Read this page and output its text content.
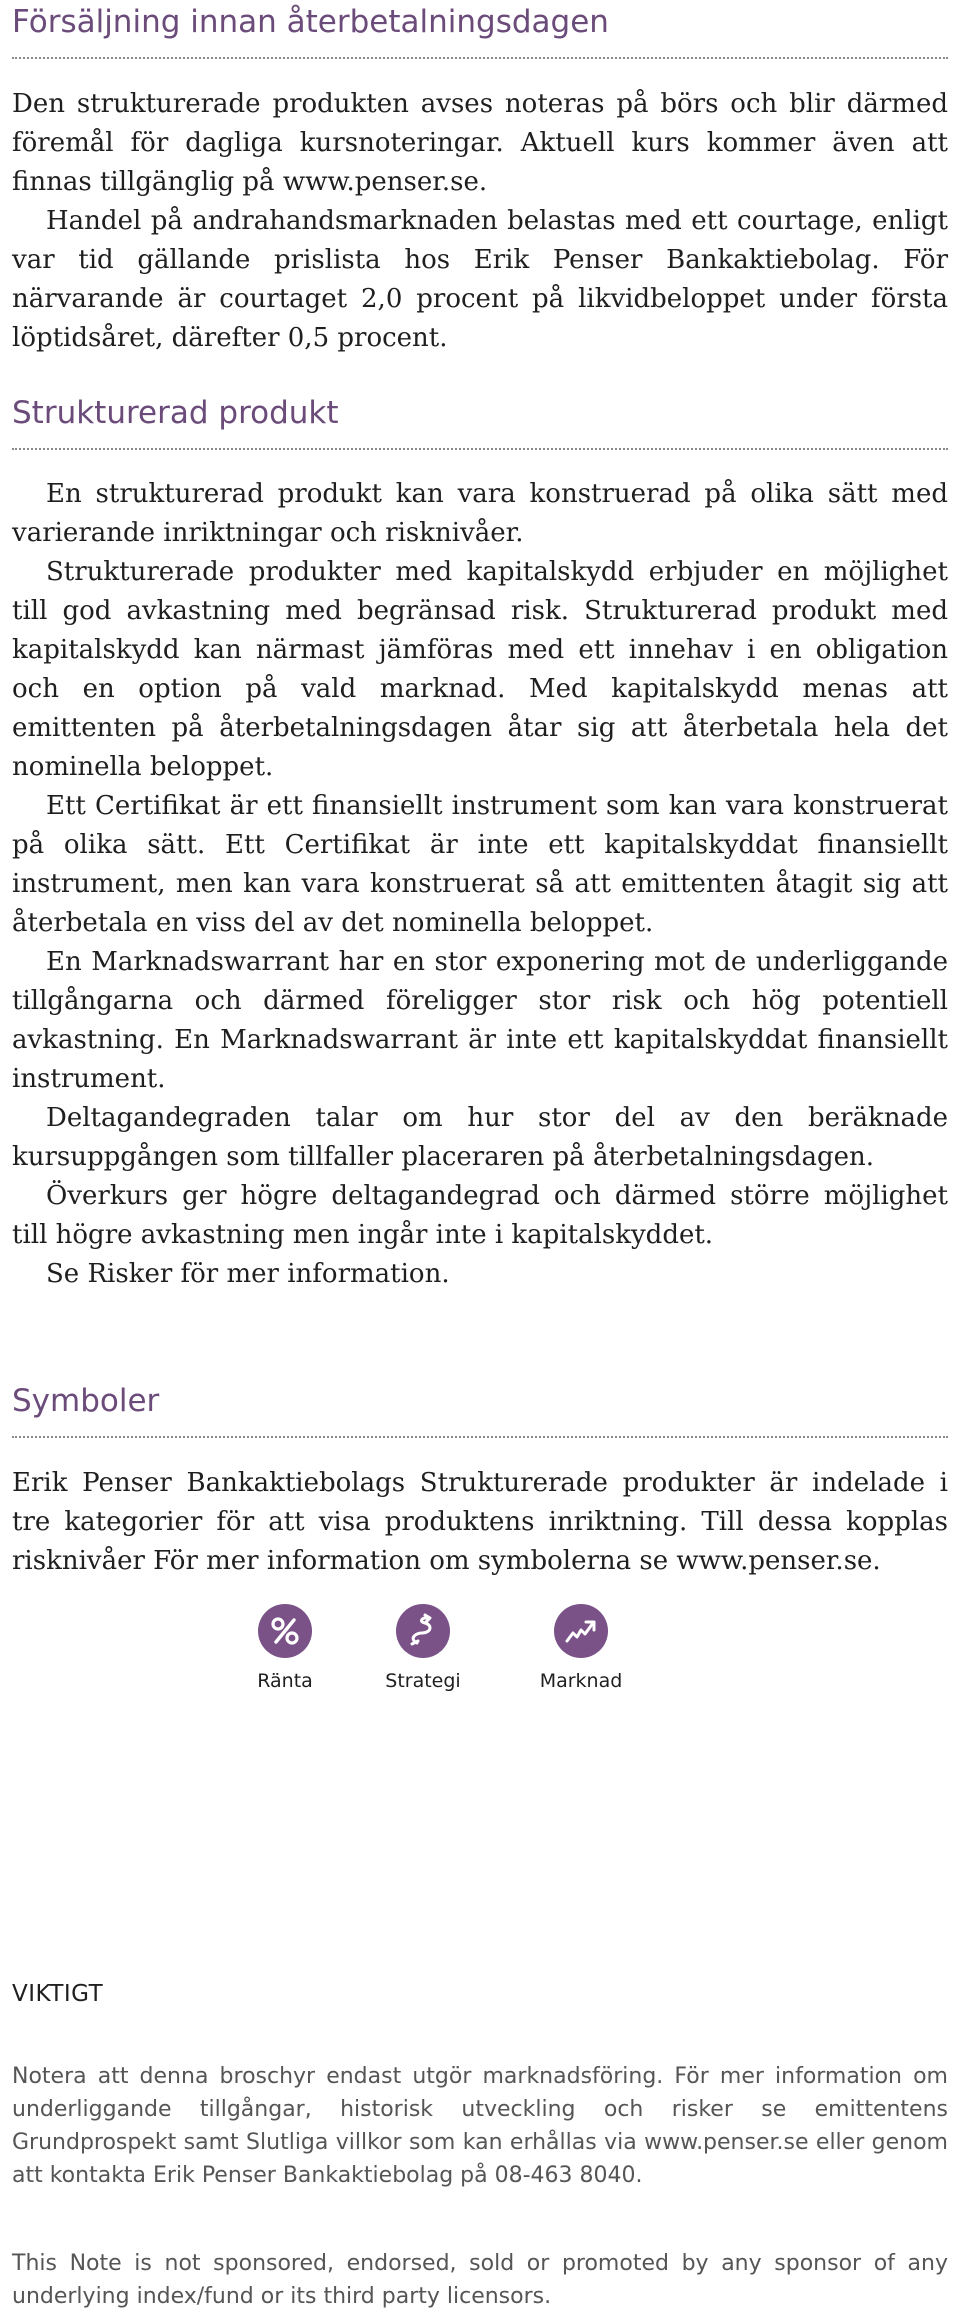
Försäljning innan återbetalningsdagen

Den strukturerade produkten avses noteras på börs och blir därmed föremål för dagliga kursnoteringar. Aktuell kurs kommer även att finnas tillgänglig på www.penser.se.

Handel på andrahandsmarknaden belastas med ett courtage, enligt var tid gällande prislista hos Erik Penser Bankaktiebolag. För närvarande är courtaget 2,0 procent på likvidbeloppet under första löptidsåret, därefter 0,5 procent.

Strukturerad produkt

En strukturerad produkt kan vara konstruerad på olika sätt med varierande inriktningar och risknivåer.

Strukturerade produkter med kapitalskydd erbjuder en möjlighet till god avkastning med begränsad risk. Strukturerad produkt med kapitalskydd kan närmast jämföras med ett innehav i en obligation och en option på vald marknad. Med kapitalskydd menas att emittenten på återbetalningsdagen åtar sig att återbetala hela det nominella beloppet.

Ett Certifikat är ett finansiellt instrument som kan vara konstruerat på olika sätt. Ett Certifikat är inte ett kapitalskyddat finansiellt instrument, men kan vara konstruerat så att emittenten åtagit sig att återbetala en viss del av det nominella beloppet.

En Marknadswarrant har en stor exponering mot de underliggande tillgångarna och därmed föreligger stor risk och hög potentiell avkastning. En Marknadswarrant är inte ett kapitalskyddat finansiellt instrument.

Deltagandegraden talar om hur stor del av den beräknade kursuppgången som tillfaller placeraren på återbetalningsdagen.

Överkurs ger högre deltagandegrad och därmed större möjlighet till högre avkastning men ingår inte i kapitalskyddet.

Se Risker för mer information.

Symboler

Erik Penser Bankaktiebolags Strukturerade produkter är indelade i tre kategorier för att visa produktens inriktning. Till dessa kopplas risknivåer För mer information om symbolerna se www.penser.se.

Ränta	Strategi	Marknad
VIKTIGT

Notera att denna broschyr endast utgör marknadsföring. För mer information om underliggande tillgångar, historisk utveckling och risker se emittentens Grundprospekt samt Slutliga villkor som kan erhållas via www.penser.se eller genom att kontakta Erik Penser Bankaktiebolag på 08-463 8040.

This Note is not sponsored, endorsed, sold or promoted by any sponsor of any underlying index/fund or its third party licensors.
